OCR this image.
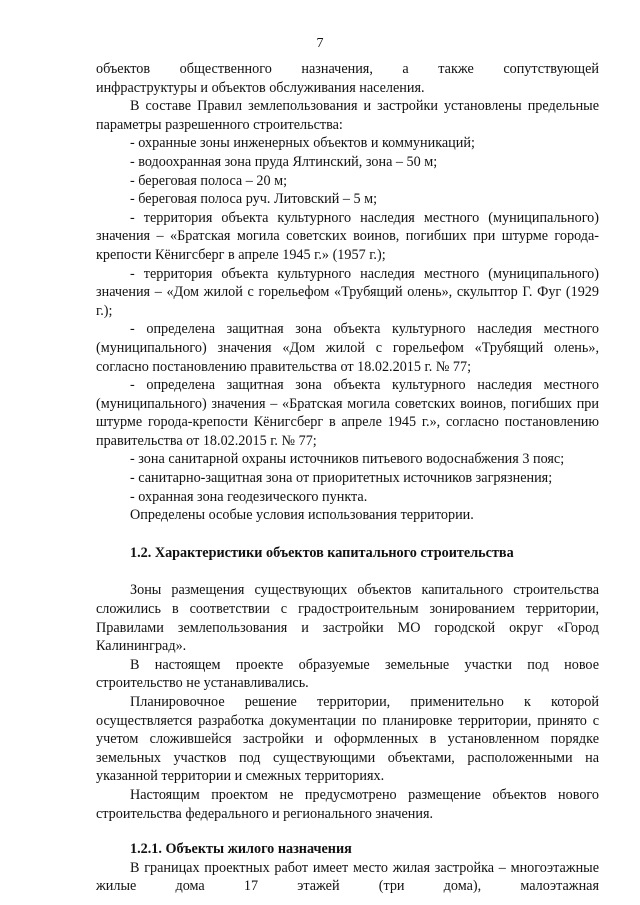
7

объектов общественного назначения, а также сопутствующей

инфраструктуры и объектов обслуживания населения.

В составе Правил землепользования и застройки установлены предельные параметры разрешенного строительства:

- охранные зоны инженерных объектов и коммуникаций;

- водоохранная зона пруда Ялтинский, зона – 50 м;

- береговая полоса – 20 м;

- береговая полоса руч. Литовский – 5 м;

- территория объекта культурного наследия местного (муниципального) значения – «Братская могила советских воинов, погибших при штурме города-крепости Кёнигсберг в апреле 1945 г.» (1957 г.);

- территория объекта культурного наследия местного (муниципального) значения – «Дом жилой с горельефом «Трубящий олень», скульптор Г. Фуг (1929 г.);

- определена защитная зона объекта культурного наследия местного (муниципального) значения «Дом жилой с горельефом «Трубящий олень», согласно постановлению правительства от 18.02.2015 г. № 77;

- определена защитная зона объекта культурного наследия местного (муниципального) значения – «Братская могила советских воинов, погибших при штурме города-крепости Кёнигсберг в апреле 1945 г.», согласно постановлению правительства от 18.02.2015 г. № 77;

- зона санитарной охраны источников питьевого водоснабжения 3 пояс;

- санитарно-защитная зона от приоритетных источников загрязнения;

- охранная зона геодезического пункта.

Определены особые условия использования территории.

1.2. Характеристики объектов капитального строительства

Зоны размещения существующих объектов капитального строительства сложились в соответствии с градостроительным зонированием территории, Правилами землепользования и застройки МО городской округ «Город Калининград».

В настоящем проекте образуемые земельные участки под новое строительство не устанавливались.

Планировочное решение территории, применительно к которой осуществляется разработка документации по планировке территории, принято с учетом сложившейся застройки и оформленных в установленном порядке земельных участков под существующими объектами, расположенными на указанной территории и смежных территориях.

Настоящим проектом не предусмотрено размещение объектов нового строительства федерального и регионального значения.

1.2.1. Объекты жилого назначения

В границах проектных работ имеет место жилая застройка – многоэтажные жилые дома 17 этажей (три дома), малоэтажная
